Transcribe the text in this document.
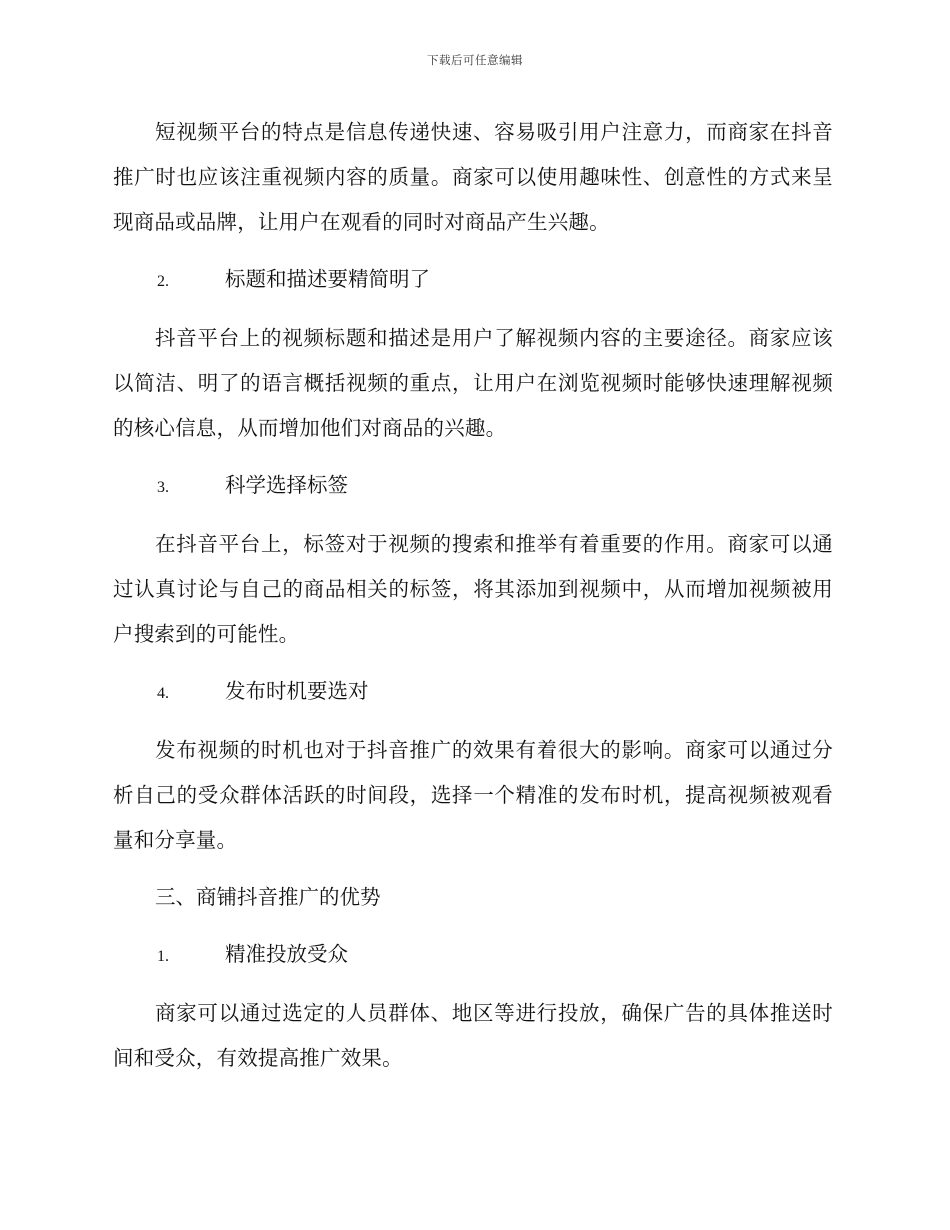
下载后可任意编辑

短视频平台的特点是信息传递快速、容易吸引用户注意力，而商家在抖音推广时也应该注重视频内容的质量。商家可以使用趣味性、创意性的方式来呈现商品或品牌，让用户在观看的同时对商品产生兴趣。

2.	标题和描述要精简明了

抖音平台上的视频标题和描述是用户了解视频内容的主要途径。商家应该以简洁、明了的语言概括视频的重点，让用户在浏览视频时能够快速理解视频的核心信息，从而增加他们对商品的兴趣。

3.	科学选择标签

在抖音平台上，标签对于视频的搜索和推举有着重要的作用。商家可以通过认真讨论与自己的商品相关的标签，将其添加到视频中，从而增加视频被用户搜索到的可能性。

4.	发布时机要选对

发布视频的时机也对于抖音推广的效果有着很大的影响。商家可以通过分析自己的受众群体活跃的时间段，选择一个精准的发布时机，提高视频被观看量和分享量。

三、商铺抖音推广的优势
1.	精准投放受众

商家可以通过选定的人员群体、地区等进行投放，确保广告的具体推送时间和受众，有效提高推广效果。
